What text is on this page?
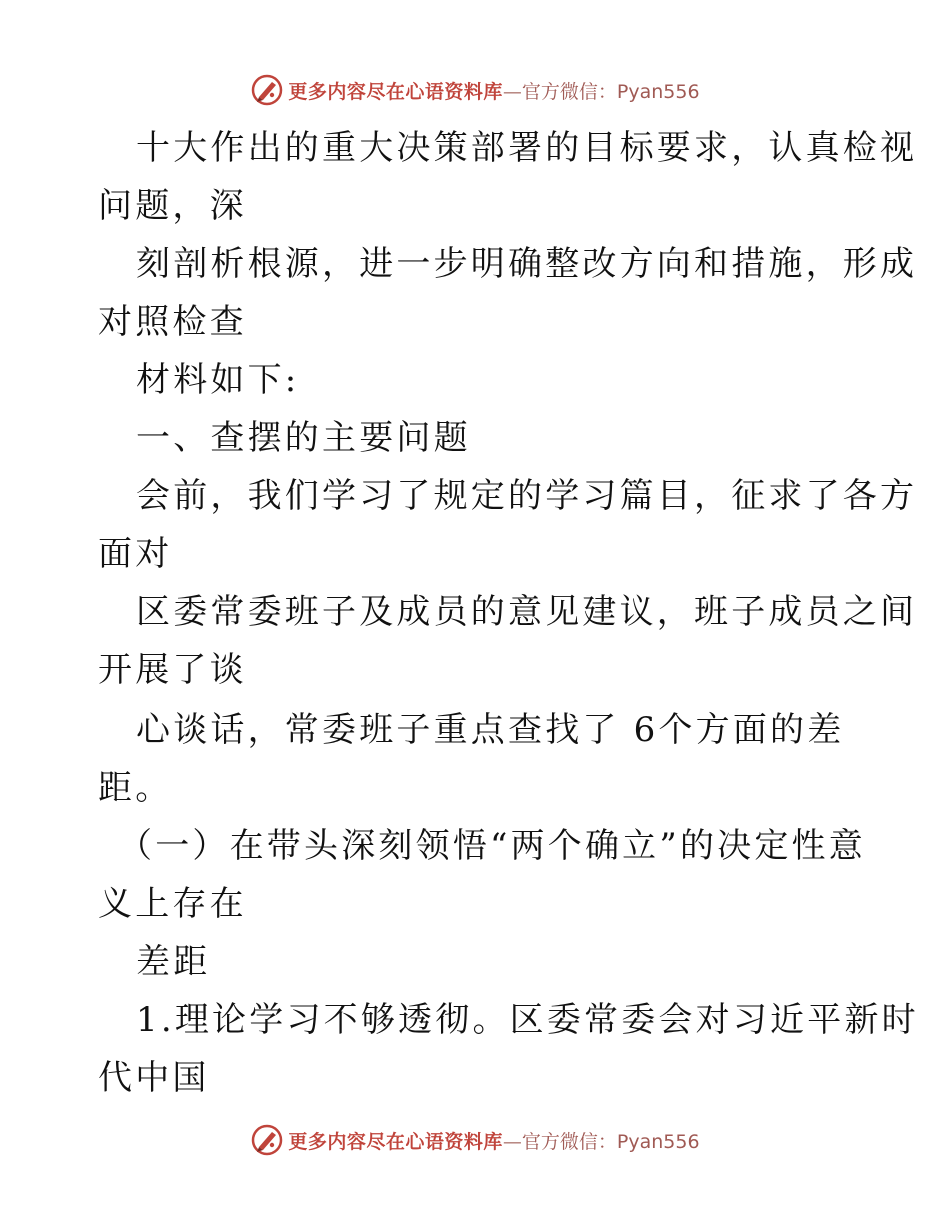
更多内容尽在心语资料库 —官方微信：Pyan556
十大作出的重大决策部署的目标要求，认真检视
问题，深
刻剖析根源，进一步明确整改方向和措施，形成
对照检查
材料如下:
一、查摆的主要问题
会前，我们学习了规定的学习篇目，征求了各方
面对
区委常委班子及成员的意见建议，班子成员之间
开展了谈
心谈话，常委班子重点查找了 6个方面的差
距。
（一）在带头深刻领悟“两个确立”的决定性意
义上存在
差距
1.理论学习不够透彻。区委常委会对习近平新时
代中国
更多内容尽在心语资料库 —官方微信：Pyan556
